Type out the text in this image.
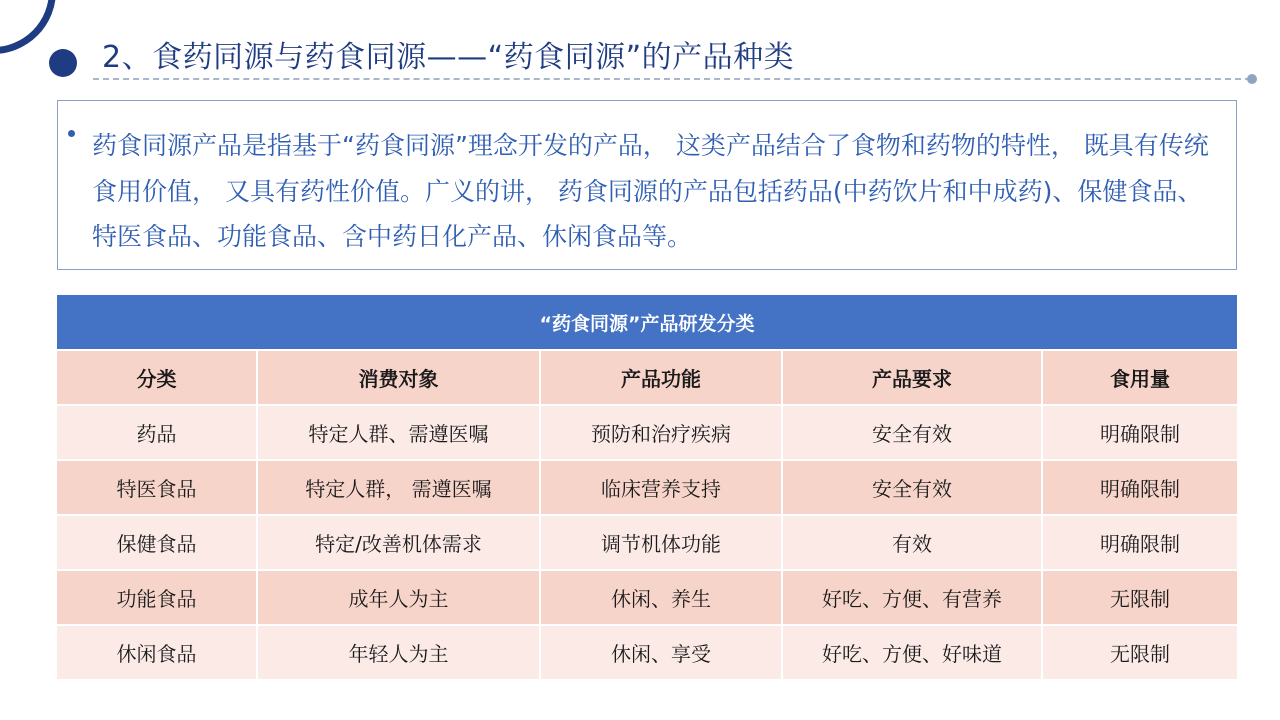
2、食药同源与药食同源——“药食同源”的产品种类

药食同源产品是指基于“药食同源”理念开发的产品， 这类产品结合了食物和药物的特性， 既具有传统食用价值， 又具有药性价值。广义的讲， 药食同源的产品包括药品(中药饮片和中成药)、保健食品、特医食品、功能食品、含中药日化产品、休闲食品等。

“药食同源”产品研发分类				
分类	消费对象	产品功能	产品要求	食用量
药品	特定人群、需遵医嘱	预防和治疗疾病	安全有效	明确限制
特医食品	特定人群， 需遵医嘱	临床营养支持	安全有效	明确限制
保健食品	特定/改善机体需求	调节机体功能	有效	明确限制
功能食品	成年人为主	休闲、养生	好吃、方便、有营养	无限制
休闲食品	年轻人为主	休闲、享受	好吃、方便、好味道	无限制
